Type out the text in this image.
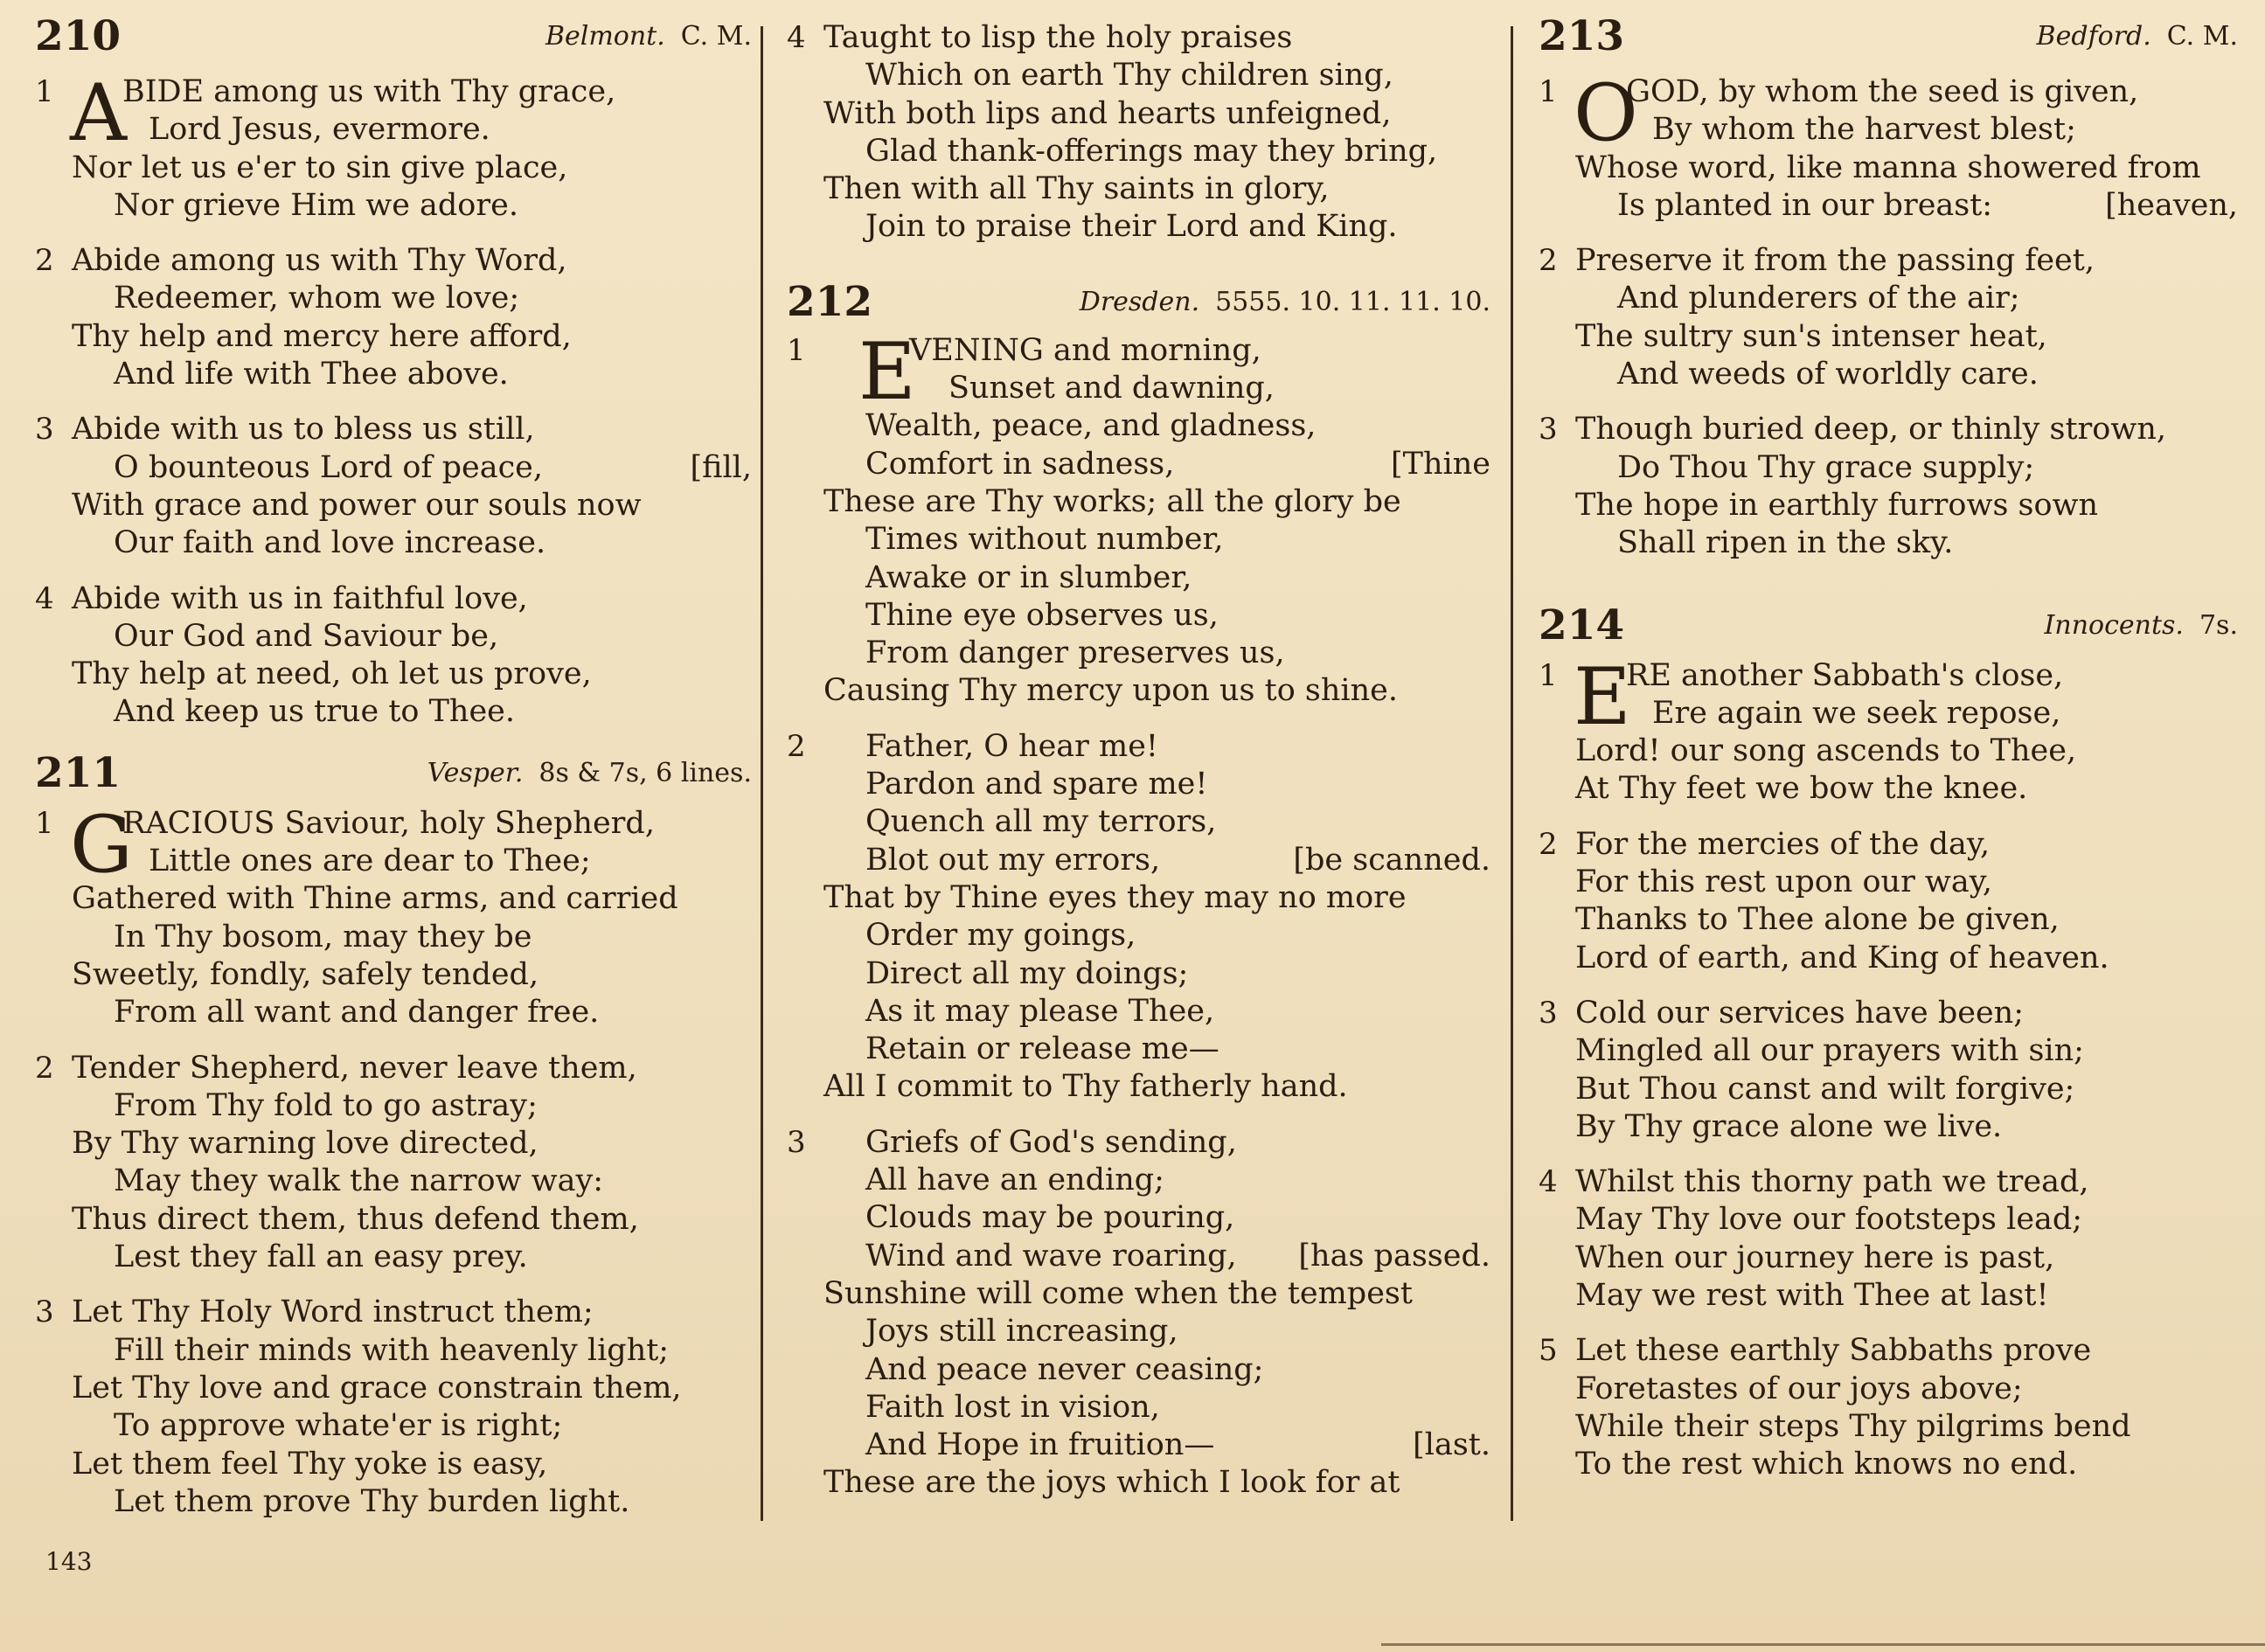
210	Belmont. C. M.
1 A
BIDE among us with Thy grace,
Lord Jesus, evermore.
Nor let us e'er to sin give place,
Nor grieve Him we adore.
2 Abide among us with Thy Word,
Redeemer, whom we love;
Thy help and mercy here afford,
And life with Thee above.
3 Abide with us to bless us still,
O bounteous Lord of peace,	[fill,
With grace and power our souls now
Our faith and love increase.
4 Abide with us in faithful love,
Our God and Saviour be,
Thy help at need, oh let us prove,
And keep us true to Thee.
211	Vesper. 8s & 7s, 6 lines.
1 G
RACIOUS Saviour, holy Shepherd,
Little ones are dear to Thee;
Gathered with Thine arms, and carried
In Thy bosom, may they be
Sweetly, fondly, safely tended,
From all want and danger free.
2 Tender Shepherd, never leave them,
From Thy fold to go astray;
By Thy warning love directed,
May they walk the narrow way:
Thus direct them, thus defend them,
Lest they fall an easy prey.
3 Let Thy Holy Word instruct them;
Fill their minds with heavenly light;
Let Thy love and grace constrain them,
To approve whate'er is right;
Let them feel Thy yoke is easy,
Let them prove Thy burden light.
4 Taught to lisp the holy praises
Which on earth Thy children sing,
With both lips and hearts unfeigned,
Glad thank-offerings may they bring,
Then with all Thy saints in glory,
Join to praise their Lord and King.
212	Dresden. 5555. 10. 11. 11. 10.
1 E
VENING and morning,
Sunset and dawning,
Wealth, peace, and gladness,
Comfort in sadness,	[Thine
These are Thy works; all the glory be
Times without number,
Awake or in slumber,
Thine eye observes us,
From danger preserves us,
Causing Thy mercy upon us to shine.
2	Father, O hear me!
Pardon and spare me!
Quench all my terrors,
Blot out my errors,	[be scanned.
That by Thine eyes they may no more
Order my goings,
Direct all my doings;
As it may please Thee,
Retain or release me—
All I commit to Thy fatherly hand.
3	Griefs of God's sending,
All have an ending;
Clouds may be pouring,
Wind and wave roaring, [has passed.
Sunshine will come when the tempest
Joys still increasing,
And peace never ceasing;
Faith lost in vision,
And Hope in fruition—	[last.
These are the joys which I look for at
213	Bedford. C. M.
1 O
GOD, by whom the seed is given,
By whom the harvest blest;
Whose word, like manna showered from
Is planted in our breast:	[heaven,
2 Preserve it from the passing feet,
And plunderers of the air;
The sultry sun's intenser heat,
And weeds of worldly care.
3 Though buried deep, or thinly strown,
Do Thou Thy grace supply;
The hope in earthly furrows sown
Shall ripen in the sky.
214	Innocents. 7s.
1 E
RE another Sabbath's close,
Ere again we seek repose,
Lord! our song ascends to Thee,
At Thy feet we bow the knee.
2 For the mercies of the day,
For this rest upon our way,
Thanks to Thee alone be given,
Lord of earth, and King of heaven.
3 Cold our services have been;
Mingled all our prayers with sin;
But Thou canst and wilt forgive;
By Thy grace alone we live.
4 Whilst this thorny path we tread,
May Thy love our footsteps lead;
When our journey here is past,
May we rest with Thee at last!
5 Let these earthly Sabbaths prove
Foretastes of our joys above;
While their steps Thy pilgrims bend
To the rest which knows no end.
143
